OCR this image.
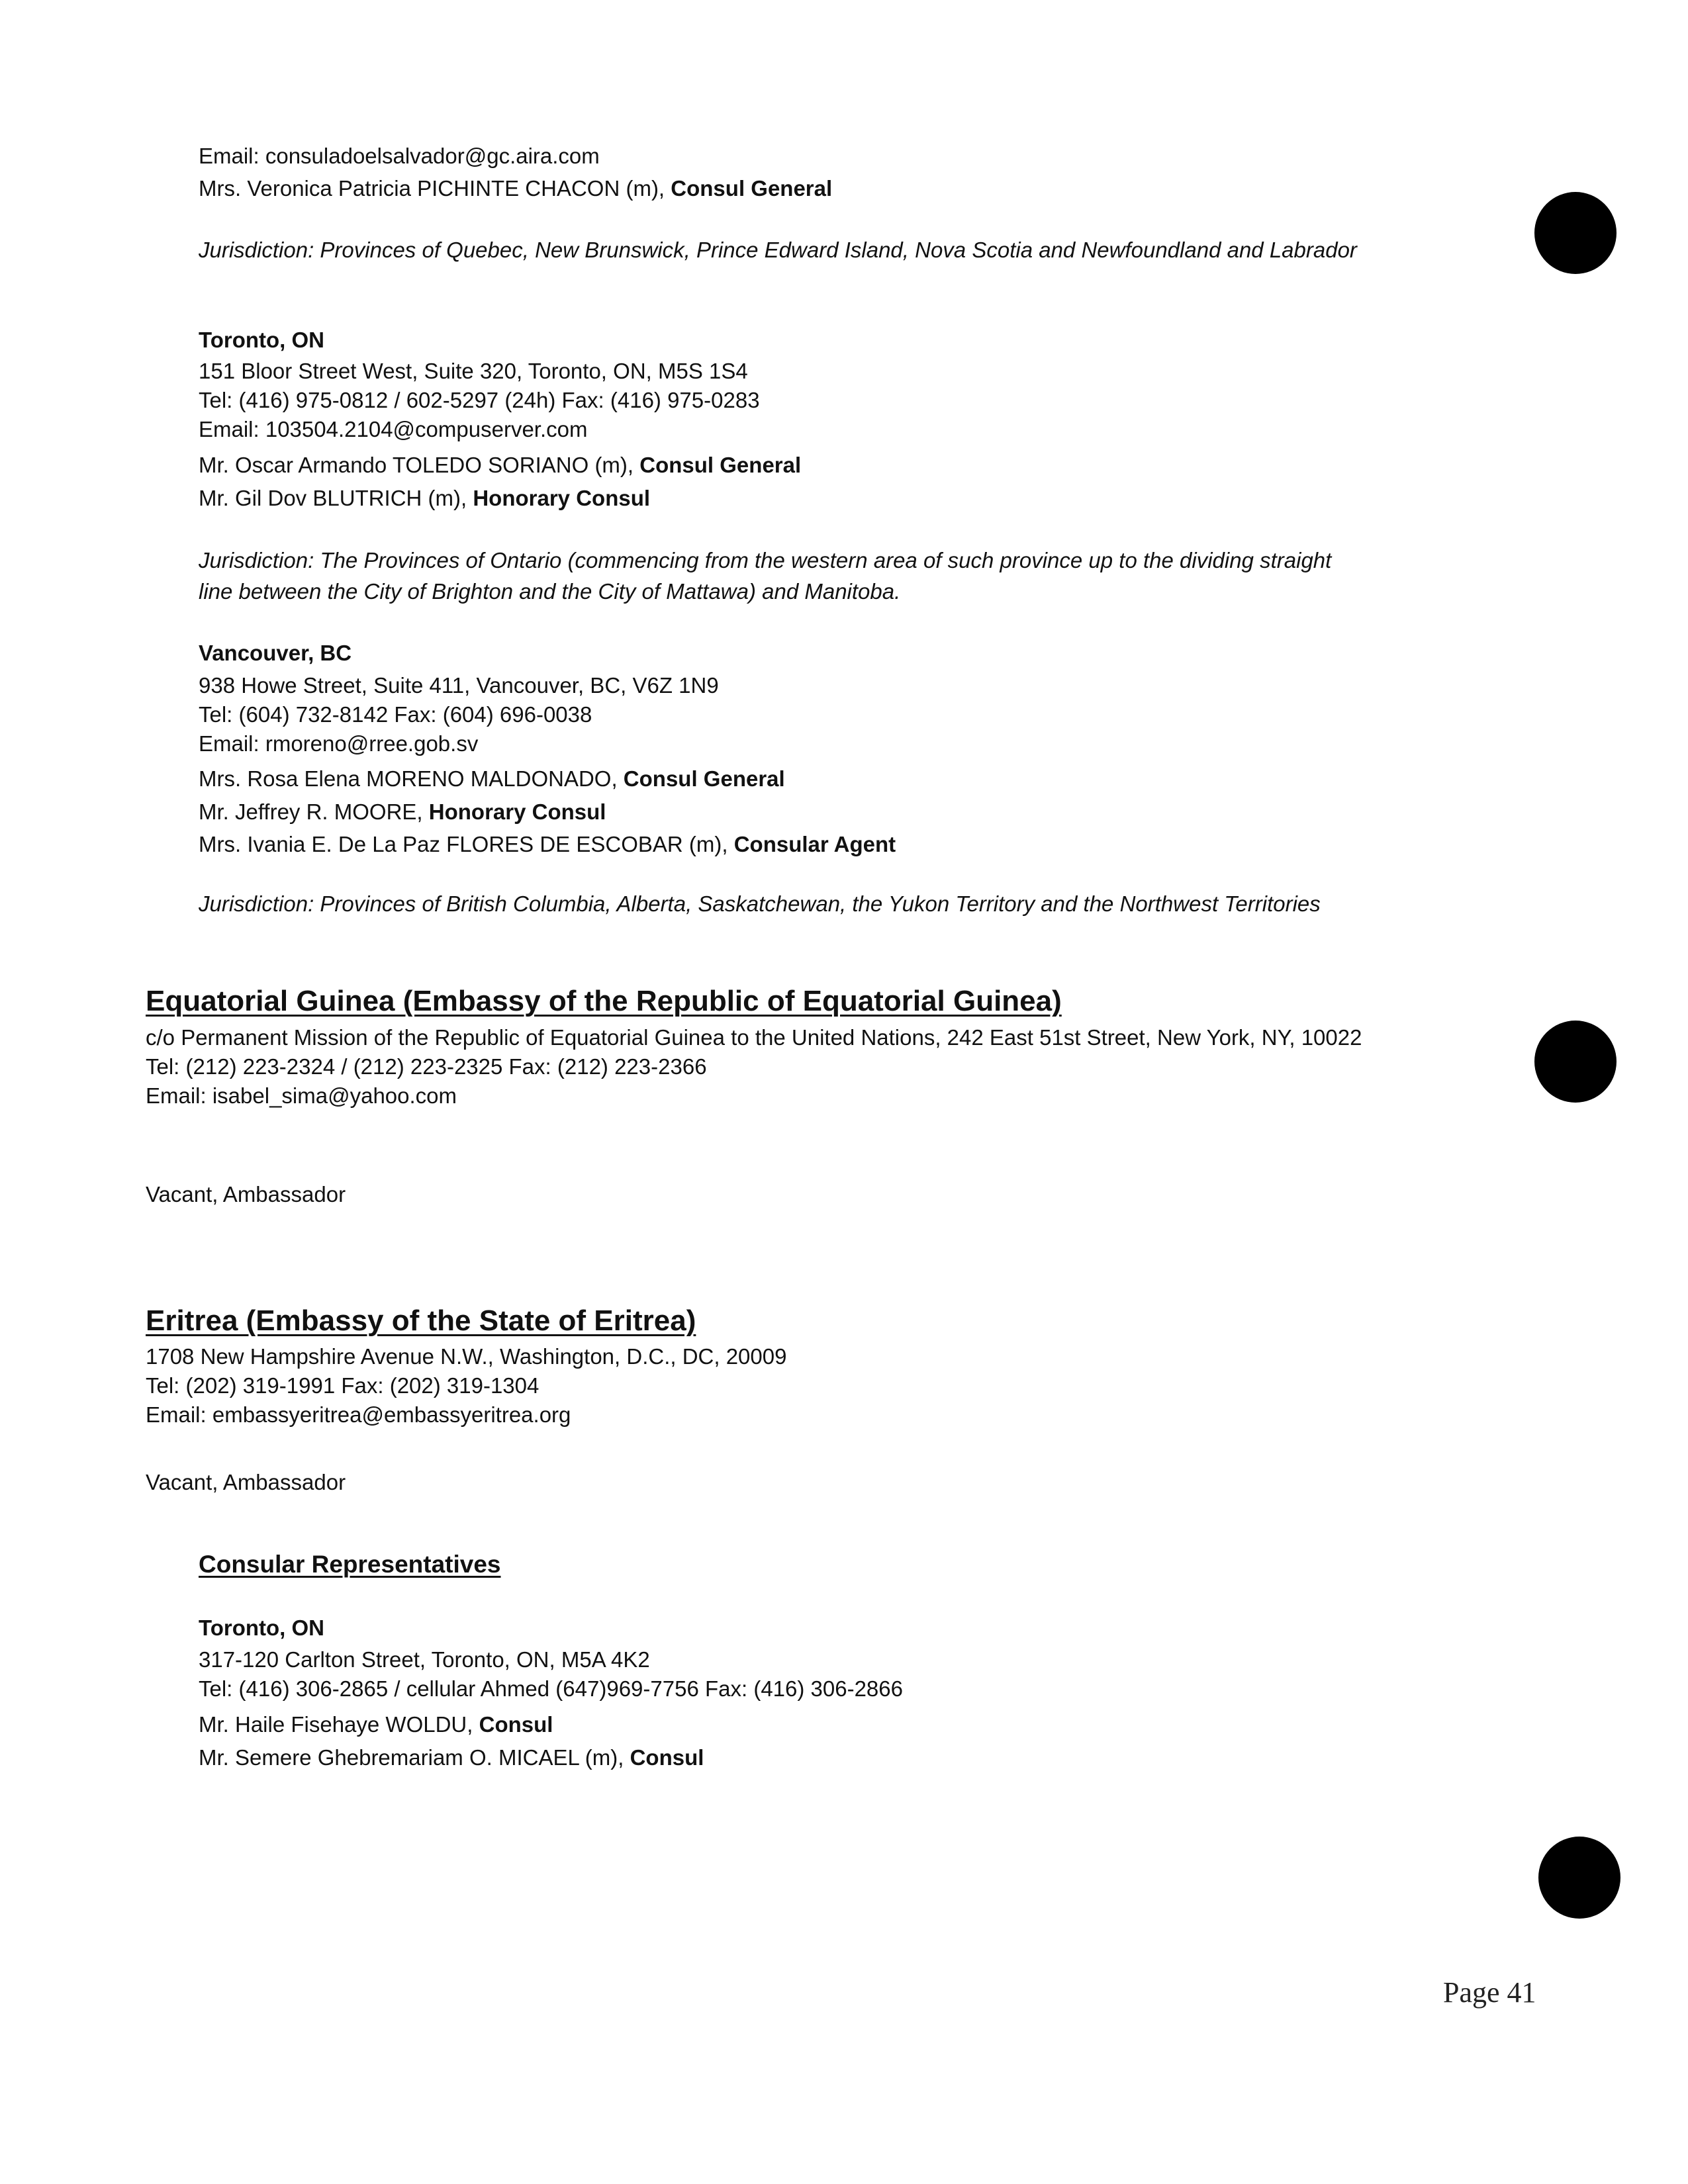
Email: consuladoelsalvador@gc.aira.com
Mrs. Veronica Patricia PICHINTE CHACON (m), Consul General
Jurisdiction: Provinces of Quebec, New Brunswick, Prince Edward Island, Nova Scotia and Newfoundland and Labrador
Toronto, ON
151 Bloor Street West, Suite 320, Toronto, ON, M5S 1S4
Tel: (416) 975-0812 / 602-5297 (24h) Fax: (416) 975-0283
Email: 103504.2104@compuserver.com
Mr. Oscar Armando TOLEDO SORIANO (m), Consul General
Mr. Gil Dov BLUTRICH (m), Honorary Consul
Jurisdiction: The Provinces of Ontario (commencing from the western area of such province up to the dividing straight
line between the City of Brighton and the City of Mattawa) and Manitoba.
Vancouver, BC
938 Howe Street, Suite 411, Vancouver, BC, V6Z 1N9
Tel: (604) 732-8142 Fax: (604) 696-0038
Email: rmoreno@rree.gob.sv
Mrs. Rosa Elena MORENO MALDONADO, Consul General
Mr. Jeffrey R. MOORE, Honorary Consul
Mrs. Ivania E. De La Paz FLORES DE ESCOBAR (m), Consular Agent
Jurisdiction: Provinces of British Columbia, Alberta, Saskatchewan, the Yukon Territory and the Northwest Territories
Equatorial Guinea (Embassy of the Republic of Equatorial Guinea)
c/o Permanent Mission of the Republic of Equatorial Guinea to the United Nations, 242 East 51st Street, New York, NY, 10022
Tel: (212) 223-2324 / (212) 223-2325 Fax: (212) 223-2366
Email: isabel_sima@yahoo.com
Vacant, Ambassador
Eritrea (Embassy of the State of Eritrea)
1708 New Hampshire Avenue N.W., Washington, D.C., DC, 20009
Tel: (202) 319-1991 Fax: (202) 319-1304
Email: embassyeritrea@embassyeritrea.org
Vacant, Ambassador
Consular Representatives
Toronto, ON
317-120 Carlton Street, Toronto, ON, M5A 4K2
Tel: (416) 306-2865 / cellular Ahmed (647)969-7756 Fax: (416) 306-2866
Mr. Haile Fisehaye WOLDU, Consul
Mr. Semere Ghebremariam O. MICAEL (m), Consul
Page 41
